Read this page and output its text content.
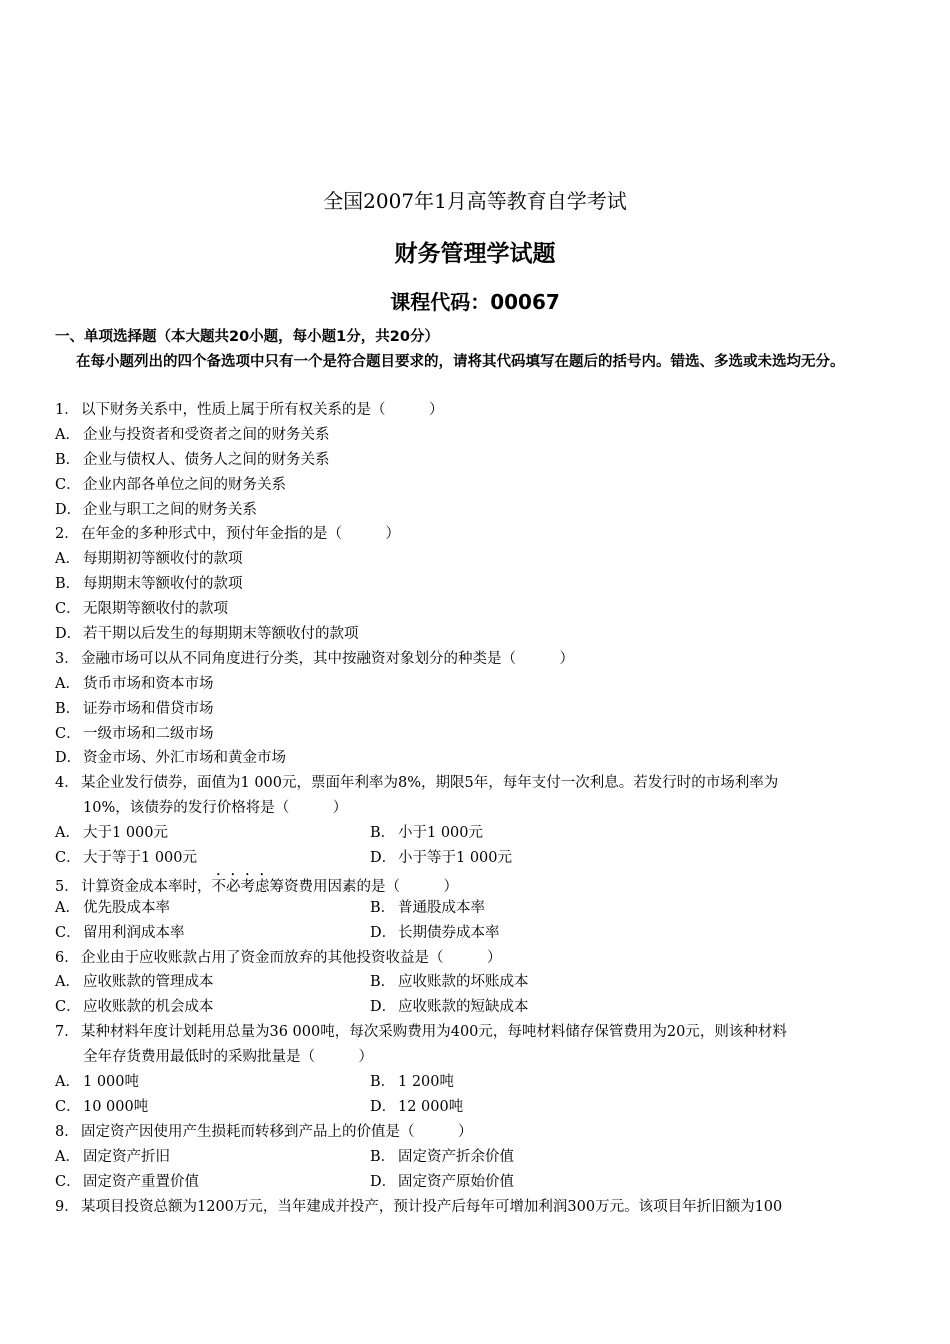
全国2007年1月高等教育自学考试
财务管理学试题
课程代码：00067
一、单项选择题（本大题共20小题，每小题1分，共20分）
在每小题列出的四个备选项中只有一个是符合题目要求的，请将其代码填写在题后的括号内。错选、多选或未选均无分。
1． 以下财务关系中，性质上属于所有权关系的是（　　　）
A． 企业与投资者和受资者之间的财务关系
B． 企业与债权人、债务人之间的财务关系
C． 企业内部各单位之间的财务关系
D． 企业与职工之间的财务关系
2． 在年金的多种形式中，预付年金指的是（　　　）
A． 每期期初等额收付的款项
B． 每期期末等额收付的款项
C． 无限期等额收付的款项
D． 若干期以后发生的每期期末等额收付的款项
3． 金融市场可以从不同角度进行分类，其中按融资对象划分的种类是（　　　）
A． 货币市场和资本市场
B． 证券市场和借贷市场
C． 一级市场和二级市场
D． 资金市场、外汇市场和黄金市场
4． 某企业发行债券，面值为1 000元，票面年利率为8%，期限5年，每年支付一次利息。若发行时的市场利率为
10%，该债券的发行价格将是（　　　）
A． 大于1 000元	B． 小于1 000元
C． 大于等于1 000元	D． 小于等于1 000元
5． 计算资金成本率时，不必考虑筹资费用因素的是（　　　）
A． 优先股成本率	B． 普通股成本率
C． 留用利润成本率	D． 长期债券成本率
6． 企业由于应收账款占用了资金而放弃的其他投资收益是（　　　）
A． 应收账款的管理成本	B． 应收账款的坏账成本
C． 应收账款的机会成本	D． 应收账款的短缺成本
7． 某种材料年度计划耗用总量为36 000吨，每次采购费用为400元，每吨材料储存保管费用为20元，则该种材料
全年存货费用最低时的采购批量是（　　　）
A． 1 000吨	B． 1 200吨
C． 10 000吨	D． 12 000吨
8． 固定资产因使用产生损耗而转移到产品上的价值是（　　　）
A． 固定资产折旧	B． 固定资产折余价值
C． 固定资产重置价值	D． 固定资产原始价值
9． 某项目投资总额为1200万元，当年建成并投产，预计投产后每年可增加利润300万元。该项目年折旧额为100
